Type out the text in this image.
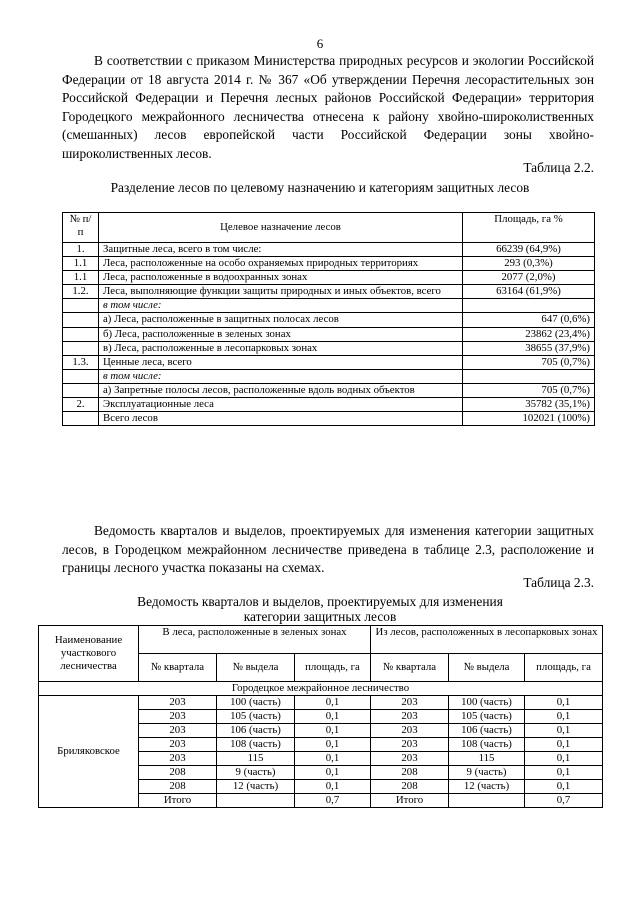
6

В соответствии с приказом Министерства природных ресурсов и экологии Российской Федерации от 18 августа 2014 г. № 367 «Об утверждении Перечня лесорастительных зон Российской Федерации и Перечня лесных районов Российской Федерации» территория Городецкого межрайонного лесничества отнесена к району хвойно-широколиственных (смешанных) лесов европейской части Российской Федерации зоны хвойно-широколиственных лесов.

Таблица 2.2.
Разделение лесов по целевому назначению и категориям защитных лесов
№ п/п	Целевое назначение лесов	Площадь, га %
1.	Защитные леса, всего в том числе:	66239 (64,9%)
1.1	Леса, расположенные на особо охраняемых природных территориях	293 (0,3%)
1.1	Леса, расположенные в водоохранных зонах	2077 (2,0%)
1.2.	Леса, выполняющие функции защиты природных и иных объектов, всего	63164 (61,9%)
	в том числе:	
	а) Леса, расположенные в защитных полосах лесов	647 (0,6%)
	б) Леса, расположенные в зеленых зонах	23862 (23,4%)
	в) Леса, расположенные в лесопарковых зонах	38655 (37,9%)
1.3.	Ценные леса, всего	705 (0,7%)
	в том числе:	
	а) Запретные полосы лесов, расположенные вдоль водных объектов	705 (0,7%)
2.	Эксплуатационные леса	35782 (35,1%)
	Всего лесов	102021 (100%)

Ведомость кварталов и выделов, проектируемых для изменения категории защитных лесов, в Городецком межрайонном лесничестве приведена в таблице 2.3, расположение и границы лесного участка показаны на схемах.

Таблица 2.3.
Ведомость кварталов и выделов, проектируемых для изменения категории защитных лесов
Наименование участкового лесничества	В леса, расположенные в зеленых зонах			Из лесов, расположенных в лесопарковых зонах		
	№ квартала	№ выдела	площадь, га	№ квартала	№ выдела	площадь, га
Городецкое межрайонное лесничество						
Бриляковское	203	100 (часть)	0,1	203	100 (часть)	0,1
	203	105 (часть)	0,1	203	105 (часть)	0,1
	203	106 (часть)	0,1	203	106 (часть)	0,1
	203	108 (часть)	0,1	203	108 (часть)	0,1
	203	115	0,1	203	115	0,1
	208	9 (часть)	0,1	208	9 (часть)	0,1
	208	12 (часть)	0,1	208	12 (часть)	0,1
	Итого		0,7	Итого		0,7
